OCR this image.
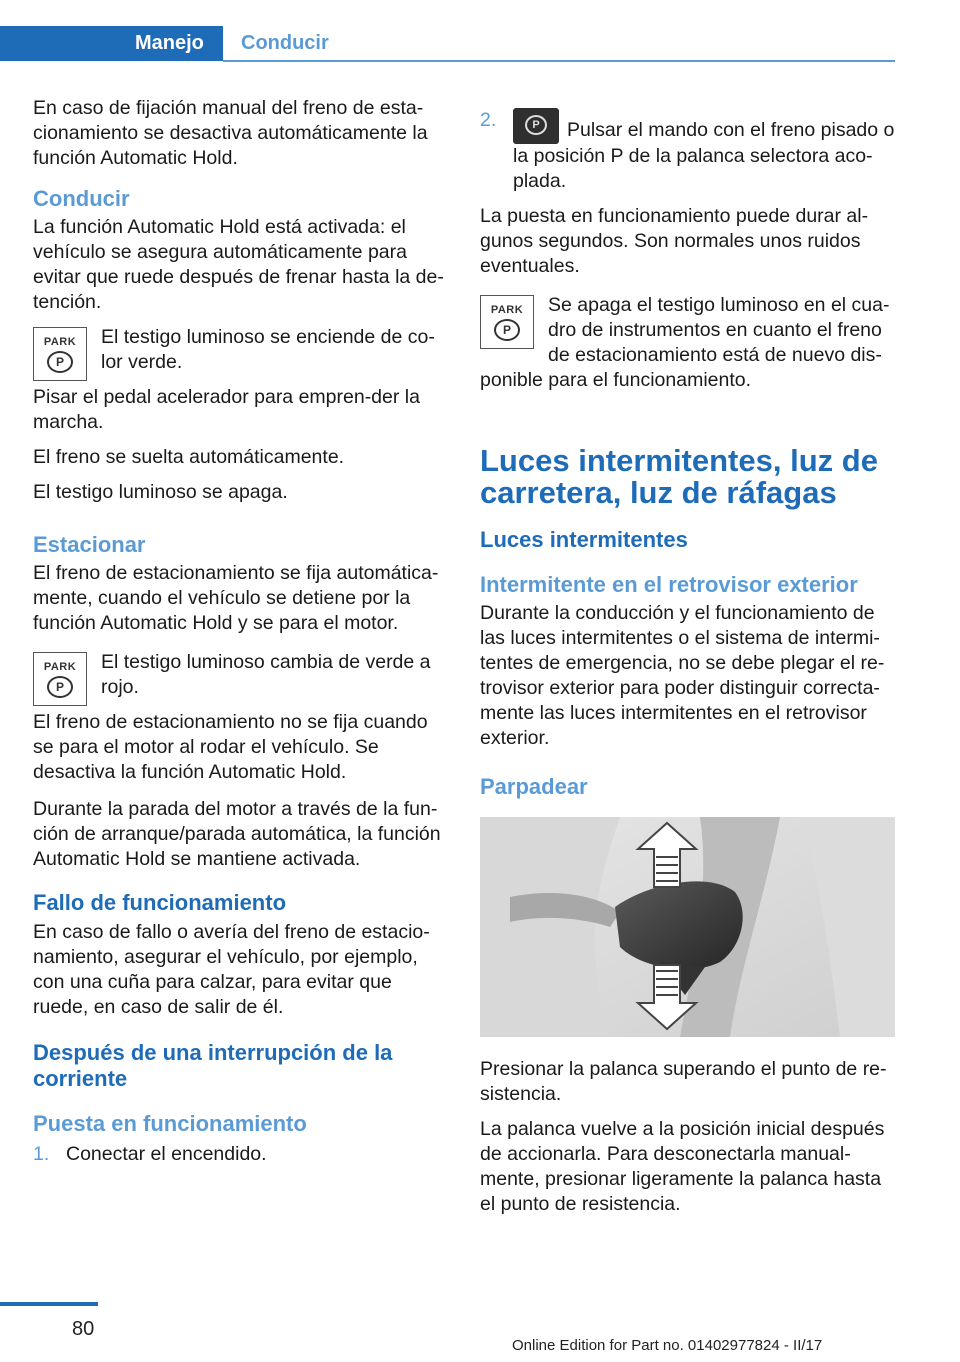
Manejo	Conducir

En caso de fijación manual del freno de esta-cionamiento se desactiva automáticamente la función Automatic Hold.

Conducir

La función Automatic Hold está activada: el vehículo se asegura automáticamente para evitar que ruede después de frenar hasta la de-tención.

PARK
P

El testigo luminoso se enciende de co-lor verde.

Pisar el pedal acelerador para empren-der la marcha.

El freno se suelta automáticamente.

El testigo luminoso se apaga.

Estacionar

El freno de estacionamiento se fija automática-mente, cuando el vehículo se detiene por la función Automatic Hold y se para el motor.

PARK
P

El testigo luminoso cambia de verde a rojo.

El freno de estacionamiento no se fija cuando se para el motor al rodar el vehículo. Se desactiva la función Automatic Hold.

Durante la parada del motor a través de la fun-ción de arranque/parada automática, la función Automatic Hold se mantiene activada.

Fallo de funcionamiento

En caso de fallo o avería del freno de estacio-namiento, asegurar el vehículo, por ejemplo, con una cuña para calzar, para evitar que ruede, en caso de salir de él.

Después de una interrupción de la corriente
Puesta en funcionamiento
1. Conectar el encendido.
2.	P	Pulsar el mando con el freno pisado o la posición P de la palanca selectora aco-plada.

La puesta en funcionamiento puede durar al-gunos segundos. Son normales unos ruidos eventuales.

PARK
P

Se apaga el testigo luminoso en el cua-dro de instrumentos en cuanto el freno de estacionamiento está de nuevo dis-ponible para el funcionamiento.

Luces intermitentes, luz de carretera, luz de ráfagas
Luces intermitentes
Intermitente en el retrovisor exterior

Durante la conducción y el funcionamiento de las luces intermitentes o el sistema de intermi-tentes de emergencia, no se debe plegar el re-trovisor exterior para poder distinguir correcta-mente las luces intermitentes en el retrovisor exterior.

Parpadear

Presionar la palanca superando el punto de re-sistencia.

La palanca vuelve a la posición inicial después de accionarla. Para desconectarla manual-mente, presionar ligeramente la palanca hasta el punto de resistencia.

80
Online Edition for Part no. 01402977824 - II/17
